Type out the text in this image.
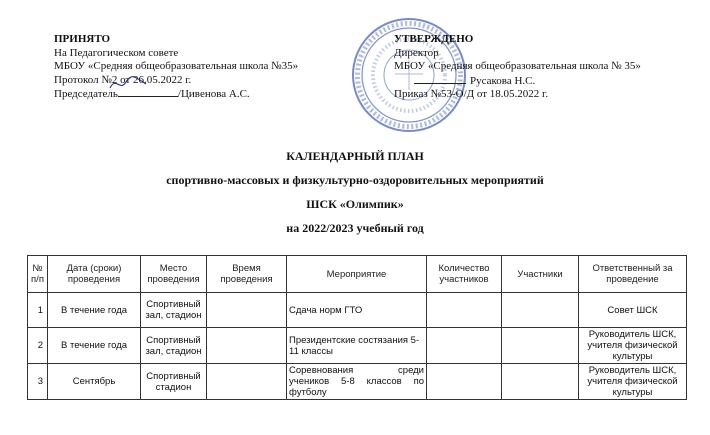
ПРИНЯТО
На Педагогическом совете
МБОУ «Средняя общеобразовательная школа №35»
Протокол №2 от 26.05.2022 г.
Председатель	/Цивенова А.С.
УТВЕРЖДЕНО
Директор
МБОУ «Средняя общеобразовательная школа № 35»
Русакова Н.С.
Приказ №53-О/Д от 18.05.2022 г.
КАЛЕНДАРНЫЙ ПЛАН
спортивно-массовых и физкультурно-оздоровительных мероприятий
ШСК «Олимпик»
на 2022/2023 учебный год
№ п/п	Дата (сроки) проведения	Место проведения	Время проведения	Мероприятие	Количество участников	Участники	Ответственный за проведение
1	В течение года	Спортивный зал, стадион		Сдача норм ГТО			Совет ШСК
2	В течение года	Спортивный зал, стадион		Президентские состязания 5-11 классы			Руководитель ШСК, учителя физической культуры
3	Сентябрь	Спортивный стадион		Соревнования среди учеников 5-8 классов по футболу			Руководитель ШСК, учителя физической культуры
